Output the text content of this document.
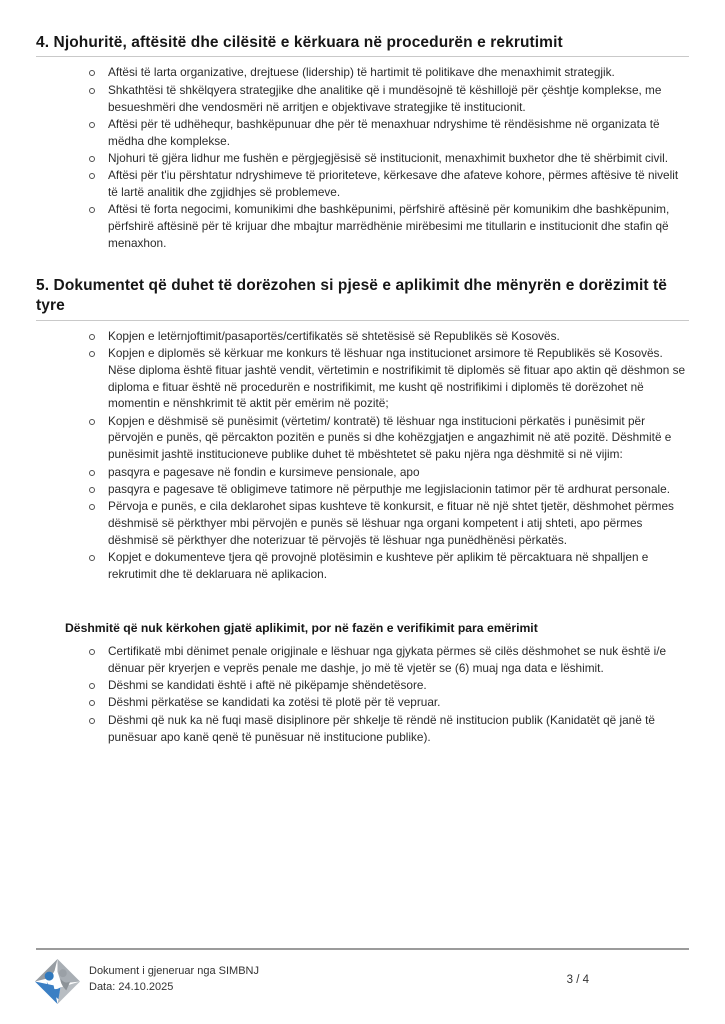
4. Njohuritë, aftësitë dhe cilësitë e kërkuara në procedurën e rekrutimit
Aftësi të larta organizative, drejtuese (lidership) të hartimit të politikave dhe menaxhimit strategjik.
Shkathtësi të shkëlqyera strategjike dhe analitike që i mundësojnë të këshillojë për çështje komplekse, me besueshmëri dhe vendosmëri në arritjen e objektivave strategjike të institucionit.
Aftësi për të udhëhequr, bashkëpunuar dhe për të menaxhuar ndryshime të rëndësishme në organizata të mëdha dhe komplekse.
Njohuri të gjëra lidhur me fushën e përgjegjësisë së institucionit, menaxhimit buxhetor dhe të shërbimit civil.
Aftësi për t'iu përshtatur ndryshimeve të prioriteteve, kërkesave dhe afateve kohore, përmes aftësive të nivelit të lartë analitik dhe zgjidhjes së problemeve.
Aftësi të forta negocimi, komunikimi dhe bashkëpunimi, përfshirë aftësinë për komunikim dhe bashkëpunim, përfshirë aftësinë për të krijuar dhe mbajtur marrëdhënie mirëbesimi me titullarin e institucionit dhe stafin që menaxhon.
5. Dokumentet që duhet të dorëzohen si pjesë e aplikimit dhe mënyrën e dorëzimit të tyre
Kopjen e letërnjoftimit/pasaportës/certifikatës së shtetësisë së Republikës së Kosovës.
Kopjen e diplomës së kërkuar me konkurs të lëshuar nga institucionet arsimore të Republikës së Kosovës. Nëse diploma është fituar jashtë vendit, vërtetimin e nostrifikimit të diplomës së fituar apo aktin që dëshmon se diploma e fituar është në procedurën e nostrifikimit, me kusht që nostrifikimi i diplomës të dorëzohet në momentin e nënshkrimit të aktit për emërim në pozitë;
Kopjen e dëshmisë së punësimit (vërtetim/ kontratë) të lëshuar nga institucioni përkatës i punësimit për përvojën e punës, që përcakton pozitën e punës si dhe kohëzgjatjen e angazhimit në atë pozitë. Dëshmitë e punësimit jashtë institucioneve publike duhet të mbështetet së paku njëra nga dëshmitë si në vijim:
pasqyra e pagesave në fondin e kursimeve pensionale, apo
pasqyra e pagesave të obligimeve tatimore në përputhje me legjislacionin tatimor për të ardhurat personale.
Përvoja e punës, e cila deklarohet sipas kushteve të konkursit, e fituar në një shtet tjetër, dëshmohet përmes dëshmisë së përkthyer mbi përvojën e punës së lëshuar nga organi kompetent i atij shteti, apo përmes dëshmisë së përkthyer dhe noterizuar të përvojës të lëshuar nga punëdhënësi përkatës.
Kopjet e dokumenteve tjera që provojnë plotësimin e kushteve për aplikim të përcaktuara në shpalljen e rekrutimit dhe të deklaruara në aplikacion.
Dëshmitë që nuk kërkohen gjatë aplikimit, por në fazën e verifikimit para emërimit
Certifikatë mbi dënimet penale origjinale e lëshuar nga gjykata përmes së cilës dëshmohet se nuk është i/e dënuar për kryerjen e veprës penale me dashje, jo më të vjetër se (6) muaj nga data e lëshimit.
Dëshmi se kandidati është i aftë në pikëpamje shëndetësore.
Dëshmi përkatëse se kandidati ka zotësi të plotë për të vepruar.
Dëshmi që nuk ka në fuqi masë disiplinore për shkelje të rëndë në institucion publik (Kanidatët që janë të punësuar apo kanë qenë të punësuar në institucione publike).
Dokument i gjeneruar nga SIMBNJ
Data: 24.10.2025
3 / 4
